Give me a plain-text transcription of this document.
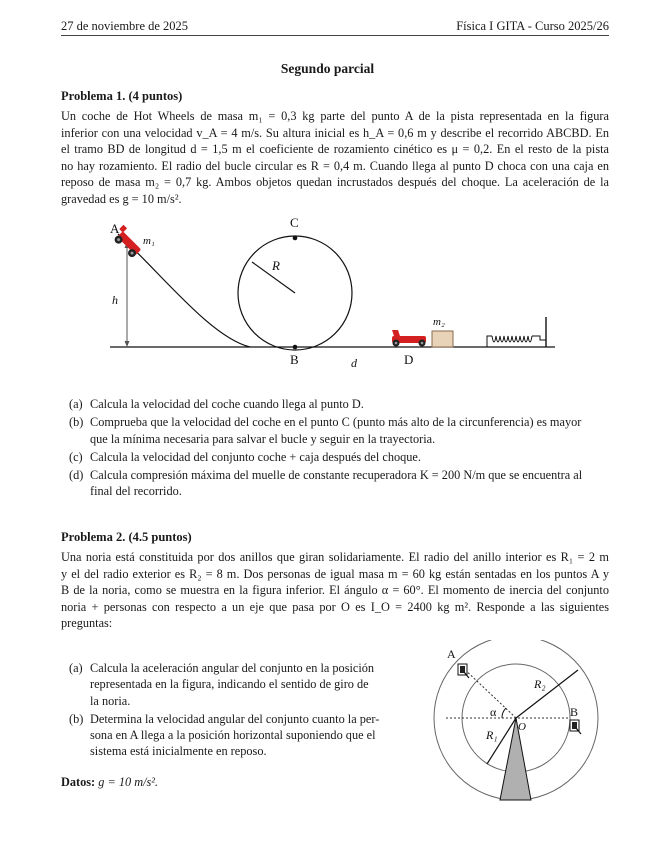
27 de noviembre de 2025	Física I GITA - Curso 2025/26
Segundo parcial
Problema 1. (4 puntos)
Un coche de Hot Wheels de masa m₁ = 0,3 kg parte del punto A de la pista representada en la figura
inferior con una velocidad v_A = 4 m/s. Su altura inicial es h_A = 0,6 m y describe el recorrido ABCBD. En
el tramo BD de longitud d = 1,5 m el coeficiente de rozamiento cinético es μ = 0,2. En el resto de la pista
no hay rozamiento. El radio del bucle circular es R = 0,4 m. Cuando llega al punto D choca con una caja en
reposo de masa m₂ = 0,7 kg. Ambos objetos quedan incrustados después del choque. La aceleración de la
gravedad es g = 10 m/s².
A
m₁
h
C
R
B	d	D
m₂
(a) Calcula la velocidad del coche cuando llega al punto D.
(b) Comprueba que la velocidad del coche en el punto C (punto más alto de la circunferencia) es mayor
que la mínima necesaria para salvar el bucle y seguir en la trayectoria.
(c) Calcula la velocidad del conjunto coche + caja después del choque.
(d) Calcula compresión máxima del muelle de constante recuperadora K = 200 N/m que se encuentra al
final del recorrido.
Problema 2. (4.5 puntos)
Una noria está constituida por dos anillos que giran solidariamente. El radio del anillo interior es R₁ = 2 m
y el del radio exterior es R₂ = 8 m. Dos personas de igual masa m = 60 kg están sentadas en los puntos A y
B de la noria, como se muestra en la figura inferior. El ángulo α = 60°. El momento de inercia del conjunto
noria + personas con respecto a un eje que pasa por O es I_O = 2400 kg m². Responde a las siguientes
preguntas:
(a) Calcula la aceleración angular del conjunto en la posición
representada en la figura, indicando el sentido de giro de
la noria.
(b) Determina la velocidad angular del conjunto cuanto la per-
sona en A llega a la posición horizontal suponiendo que el
sistema está inicialmente en reposo.
Datos: g = 10 m/s².
A
B
O
α
R₂
R₁
